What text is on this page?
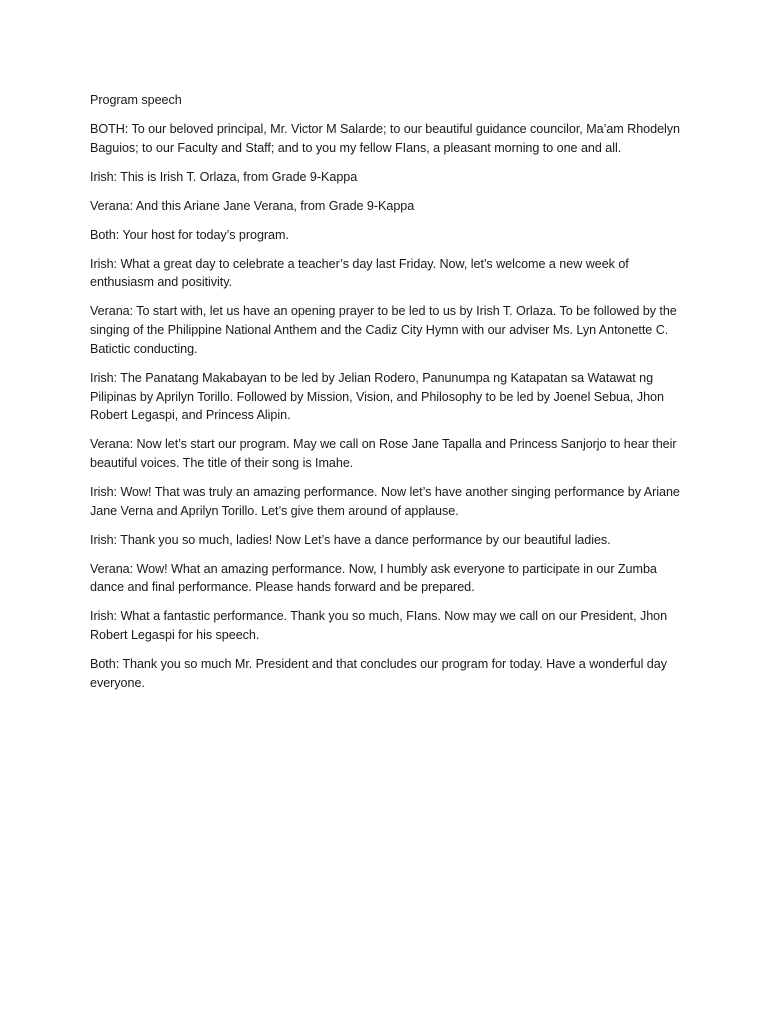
Program speech

BOTH: To our beloved principal, Mr. Victor M Salarde; to our beautiful guidance councilor, Ma’am Rhodelyn Baguios; to our Faculty and Staff; and to you my fellow FIans, a pleasant morning to one and all.

Irish: This is Irish T. Orlaza, from Grade 9-Kappa

Verana: And this Ariane Jane Verana, from Grade 9-Kappa

Both: Your host for today’s program.

Irish: What a great day to celebrate a teacher’s day last Friday. Now, let’s welcome a new week of enthusiasm and positivity.

Verana: To start with, let us have an opening prayer to be led to us by Irish T. Orlaza. To be followed by the singing of the Philippine National Anthem and the Cadiz City Hymn with our adviser Ms. Lyn Antonette C. Batictic conducting.

Irish: The Panatang Makabayan to be led by Jelian Rodero, Panunumpa ng Katapatan sa Watawat ng Pilipinas by Aprilyn Torillo. Followed by Mission, Vision, and Philosophy to be led by Joenel Sebua, Jhon Robert Legaspi, and Princess Alipin.

Verana: Now let’s start our program. May we call on Rose Jane Tapalla and Princess Sanjorjo to hear their beautiful voices. The title of their song is Imahe.

Irish: Wow! That was truly an amazing performance. Now let’s have another singing performance by Ariane Jane Verna and Aprilyn Torillo. Let’s give them around of applause.

Irish: Thank you so much, ladies! Now Let’s have a dance performance by our beautiful ladies.

Verana: Wow! What an amazing performance. Now, I humbly ask everyone to participate in our Zumba dance and final performance. Please hands forward and be prepared.

Irish: What a fantastic performance. Thank you so much, FIans. Now may we call on our President, Jhon Robert Legaspi for his speech.

Both: Thank you so much Mr. President and that concludes our program for today. Have a wonderful day everyone.
